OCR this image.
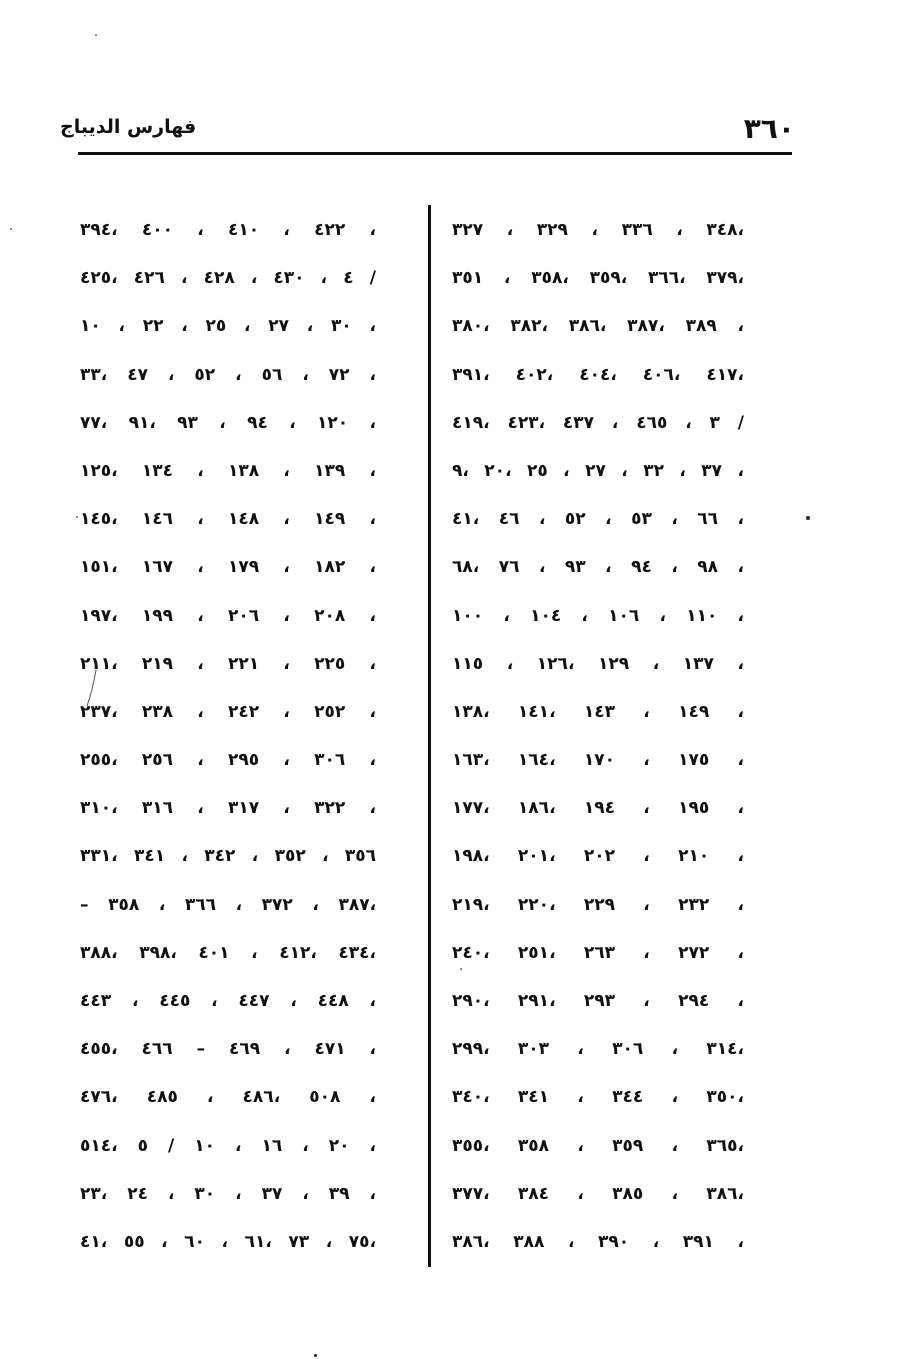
٣٦٠
فهارس الديباج
،٣٤٨ ، ٣٣٦ ، ٣٢٩ ، ٣٢٧
،٣٧٩ ،٣٦٦ ،٣٥٩ ،٣٥٨ ، ٣٥١
، ٣٨٩ ،٣٨٧ ،٣٨٦ ،٣٨٢ ،٣٨٠
،٤١٧ ،٤٠٦ ،٤٠٤ ،٤٠٢ ،٣٩١
/ ٣ ، ٤٦٥ ، ٤٣٧ ،٤٢٣ ،٤١٩
، ٣٧ ، ٣٢ ، ٢٧ ، ٢٥ ،٢٠ ،٩
، ٦٦ ، ٥٣ ، ٥٢ ، ٤٦ ،٤١
، ٩٨ ، ٩٤ ، ٩٣ ، ٧٦ ،٦٨
، ١١٠ ، ١٠٦ ، ١٠٤ ، ١٠٠
، ١٣٧ ، ١٢٩ ،١٢٦ ، ١١٥
، ١٤٩ ، ١٤٣ ،١٤١ ،١٣٨
، ١٧٥ ، ١٧٠ ،١٦٤ ،١٦٣
، ١٩٥ ، ١٩٤ ،١٨٦ ،١٧٧
، ٢١٠ ، ٢٠٢ ،٢٠١ ،١٩٨
، ٢٣٢ ، ٢٢٩ ،٢٢٠ ،٢١٩
، ٢٧٢ ، ٢٦٣ ،٢٥١ ،٢٤٠
، ٢٩٤ ، ٢٩٣ ،٢٩١ ،٢٩٠
،٣١٤ ، ٣٠٦ ، ٣٠٣ ،٢٩٩
،٣٥٠ ، ٣٤٤ ، ٣٤١ ،٣٤٠
،٣٦٥ ، ٣٥٩ ، ٣٥٨ ،٣٥٥
،٣٨٦ ، ٣٨٥ ، ٣٨٤ ،٣٧٧
، ٣٩١ ، ٣٩٠ ، ٣٨٨ ،٣٨٦
، ٤٢٢ ، ٤١٠ ، ٤٠٠ ،٣٩٤
/ ٤ ، ٤٣٠ ، ٤٢٨ ، ٤٢٦ ،٤٢٥
، ٣٠ ، ٢٧ ، ٢٥ ، ٢٢ ، ١٠
، ٧٢ ، ٥٦ ، ٥٢ ، ٤٧ ،٣٣
، ١٢٠ ، ٩٤ ، ٩٣ ،٩١ ،٧٧
، ١٣٩ ، ١٣٨ ، ١٣٤ ،١٢٥
، ١٤٩ ، ١٤٨ ، ١٤٦ ،١٤٥
، ١٨٢ ، ١٧٩ ، ١٦٧ ،١٥١
، ٢٠٨ ، ٢٠٦ ، ١٩٩ ،١٩٧
، ٢٢٥ ، ٢٢١ ، ٢١٩ ،٢١١
، ٢٥٢ ، ٢٤٢ ، ٢٣٨ ،٢٣٧
، ٣٠٦ ، ٢٩٥ ، ٢٥٦ ،٢٥٥
، ٣٢٢ ، ٣١٧ ، ٣١٦ ،٣١٠
٣٥٦ ، ٣٥٢ ، ٣٤٢ ، ٣٤١ ،٣٣١
،٣٨٧ ، ٣٧٢ ، ٣٦٦ ، ٣٥٨ –
،٤٣٤ ،٤١٢ ، ٤٠١ ،٣٩٨ ،٣٨٨
، ٤٤٨ ، ٤٤٧ ، ٤٤٥ ، ٤٤٣
، ٤٧١ ، ٤٦٩ – ٤٦٦ ،٤٥٥
، ٥٠٨ ،٤٨٦ ، ٤٨٥ ،٤٧٦
، ٢٠ ، ١٦ ، ١٠ / ٥ ،٥١٤
، ٣٩ ، ٣٧ ، ٣٠ ، ٢٤ ،٢٣
،٧٥ ، ٧٣ ،٦١ ، ٦٠ ، ٥٥ ،٤١
